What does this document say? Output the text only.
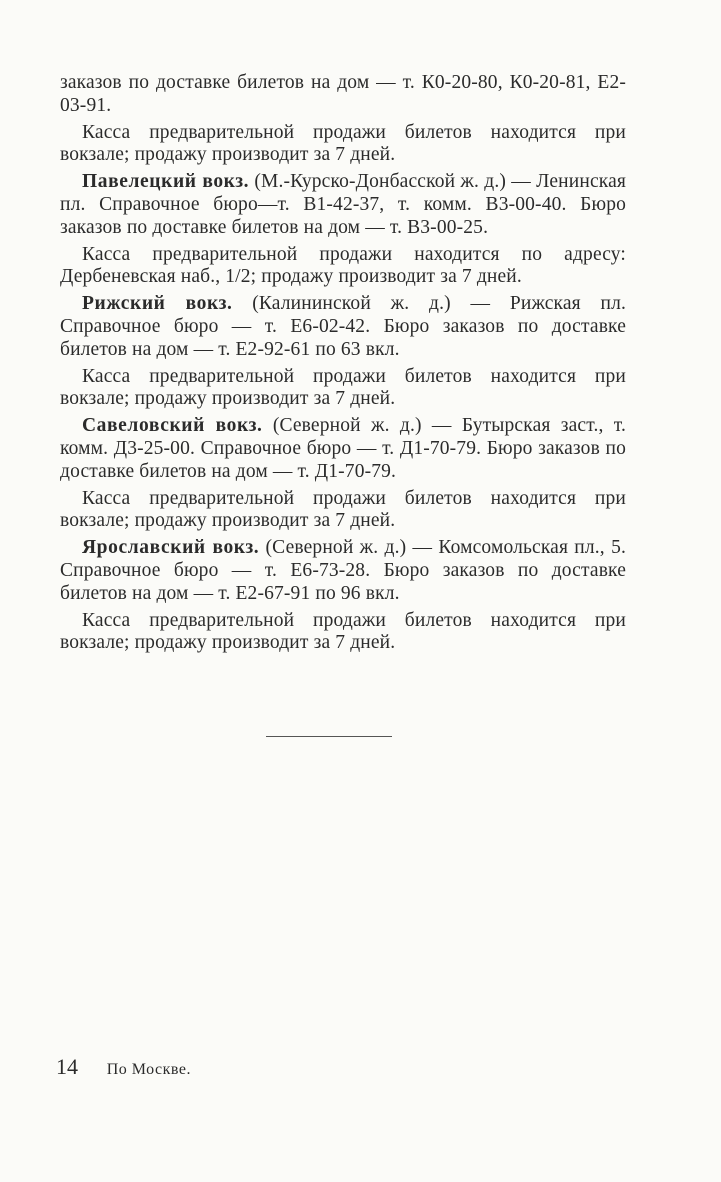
заказов по доставке билетов на дом — т. К0-20-80, К0-20-81, Е2-03-91.

Касса предварительной продажи билетов находится при вокзале; продажу производит за 7 дней.

Павелецкий вокз. (М.-Курско-Донбасской ж. д.) — Ленинская пл. Справочное бюро—т. В1-42-37, т. комм. В3-00-40. Бюро заказов по доставке билетов на дом — т. В3-00-25.

Касса предварительной продажи находится по адресу: Дербеневская наб., 1/2; продажу производит за 7 дней.

Рижский вокз. (Калининской ж. д.) — Рижская пл. Справочное бюро — т. Е6-02-42. Бюро заказов по доставке билетов на дом — т. Е2-92-61 по 63 вкл.

Касса предварительной продажи билетов находится при вокзале; продажу производит за 7 дней.

Савеловский вокз. (Северной ж. д.) — Бутырская заст., т. комм. Д3-25-00. Справочное бюро — т. Д1-70-79. Бюро заказов по доставке билетов на дом — т. Д1-70-79.

Касса предварительной продажи билетов находится при вокзале; продажу производит за 7 дней.

Ярославский вокз. (Северной ж. д.) — Комсомольская пл., 5. Справочное бюро — т. Е6-73-28. Бюро заказов по доставке билетов на дом — т. Е2-67-91 по 96 вкл.

Касса предварительной продажи билетов находится при вокзале; продажу производит за 7 дней.

14 По Москве.
